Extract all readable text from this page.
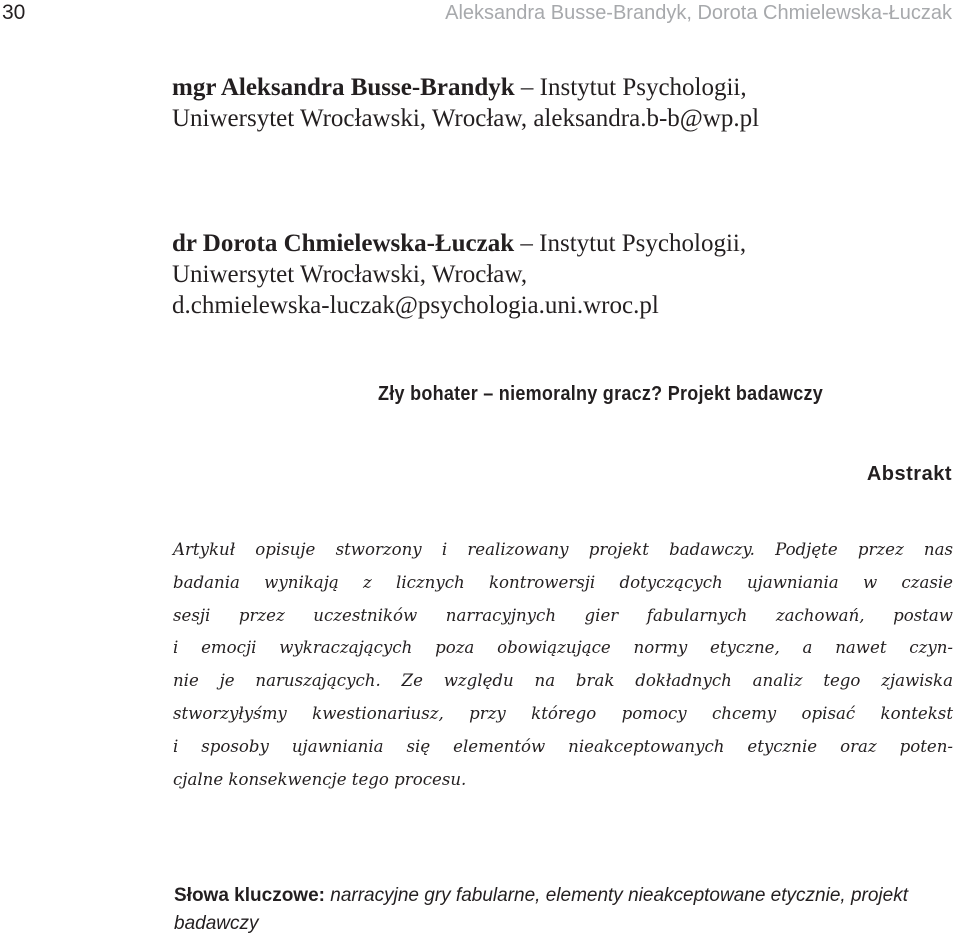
30	Aleksandra Busse-Brandyk, Dorota Chmielewska-Łuczak
mgr Aleksandra Busse-Brandyk – Instytut Psychologii,
Uniwersytet Wrocławski, Wrocław, aleksandra.b-b@wp.pl
dr Dorota Chmielewska-Łuczak – Instytut Psychologii,
Uniwersytet Wrocławski, Wrocław,
d.chmielewska-luczak@psychologia.uni.wroc.pl
Zły bohater – niemoralny gracz? Projekt badawczy
Abstrakt
Artykuł opisuje stworzony i realizowany projekt badawczy. Podjęte przez nas
badania wynikają z licznych kontrowersji dotyczących ujawniania w czasie
sesji przez uczestników narracyjnych gier fabularnych zachowań, postaw
i emocji wykraczających poza obowiązujące normy etyczne, a nawet czyn-
nie je naruszających. Ze względu na brak dokładnych analiz tego zjawiska
stworzyłyśmy kwestionariusz, przy którego pomocy chcemy opisać kontekst
i sposoby ujawniania się elementów nieakceptowanych etycznie oraz poten-
cjalne konsekwencje tego procesu.
Słowa kluczowe: narracyjne gry fabularne, elementy nieakceptowane etycznie, projekt badawczy
